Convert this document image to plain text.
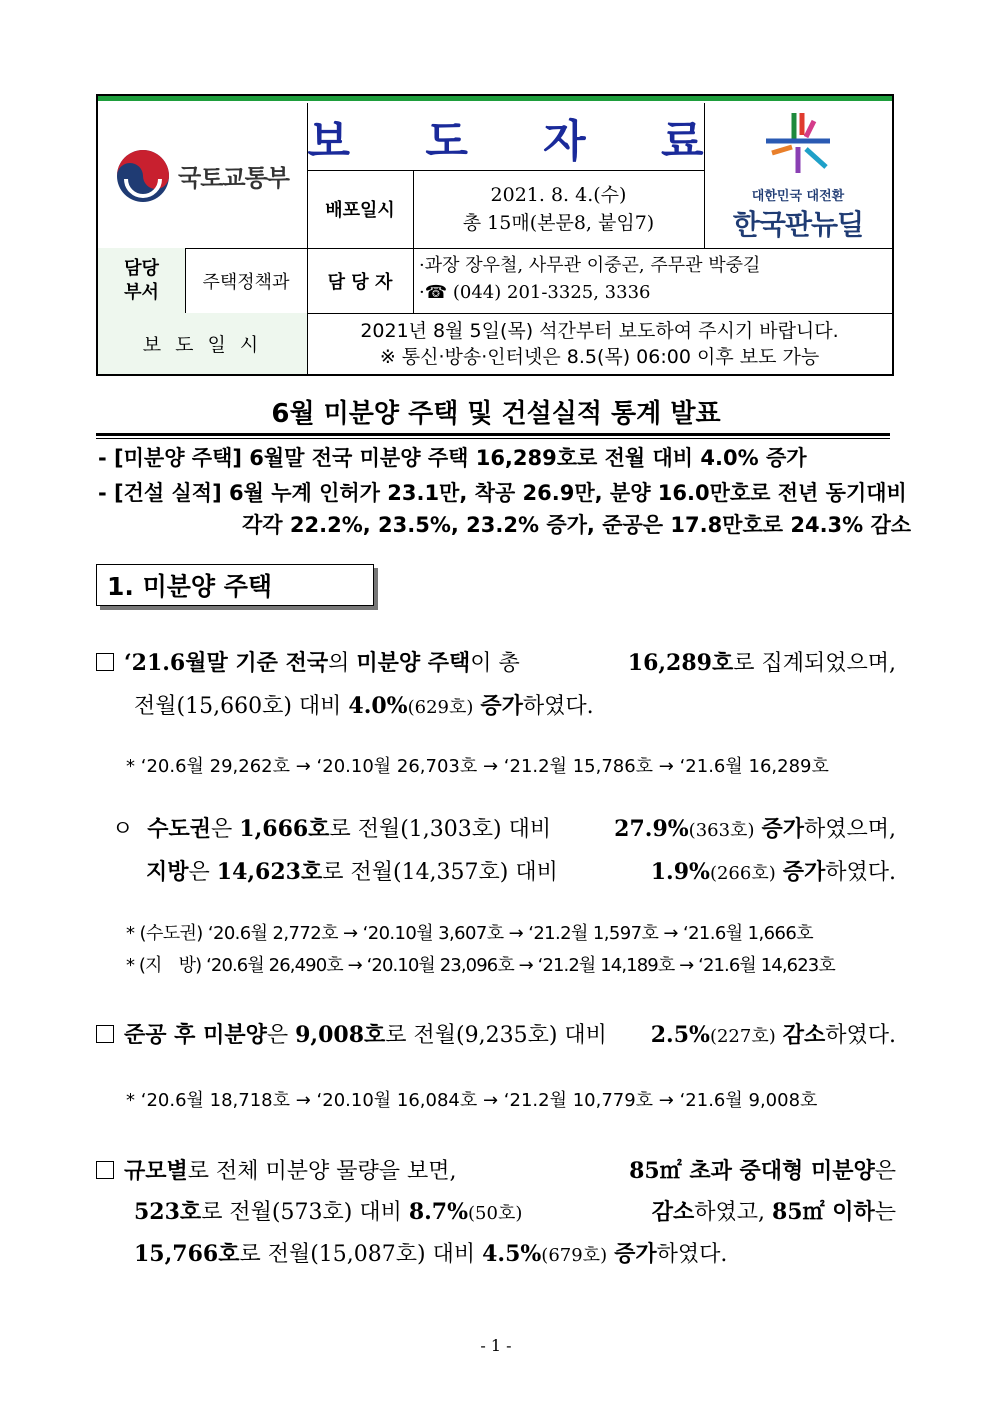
국토교통부
보 도 자 료
대한민국 대전환
한국판뉴딜
배포일시
2021. 8. 4.(수)
총 15매(본문8, 붙임7)
담당 부서	주택정책과	담 당 자
·과장 장우철, 사무관 이중곤, 주무관 박중길
·☎ (044) 201-3325, 3336
보 도 일 시
2021년 8월 5일(목) 석간부터 보도하여 주시기 바랍니다.
※ 통신·방송·인터넷은 8.5(목) 06:00 이후 보도 가능
6월 미분양 주택 및 건설실적 통계 발표
- [미분양 주택] 6월말 전국 미분양 주택 16,289호로 전월 대비 4.0% 증가
- [건설 실적] 6월 누계 인허가 23.1만, 착공 26.9만, 분양 16.0만호로 전년 동기대비
각각 22.2%, 23.5%, 23.2% 증가, 준공은 17.8만호로 24.3% 감소
1. 미분양 주택
‘21.6월말 기준 전국의 미분양 주택이 총	16,289호로 집계되었으며,
전월(15,660호) 대비 4.0%(629호) 증가하였다.
* ‘20.6월 29,262호 → ‘20.10월 26,703호 → ‘21.2월 15,786호 → ‘21.6월 16,289호
ㅇ 수도권은 1,666호로 전월(1,303호) 대비	27.9%(363호) 증가하였으며,
지방은 14,623호로 전월(14,357호) 대비	1.9%(266호) 증가하였다.
* (수도권) ‘20.6월 2,772호 → ‘20.10월 3,607호 → ‘21.2월 1,597호 → ‘21.6월 1,666호
* (지　방) ‘20.6월 26,490호 → ‘20.10월 23,096호 → ‘21.2월 14,189호 → ‘21.6월 14,623호
준공 후 미분양은 9,008호로 전월(9,235호) 대비 2.5%(227호) 감소하였다.
* ‘20.6월 18,718호 → ‘20.10월 16,084호 → ‘21.2월 10,779호 → ‘21.6월 9,008호
규모별로 전체 미분양 물량을 보면,	85㎡ 초과 중대형 미분양은
523호로 전월(573호) 대비 8.7%(50호)	감소하였고, 85㎡ 이하는
15,766호로 전월(15,087호) 대비 4.5%(679호) 증가하였다.
- 1 -
